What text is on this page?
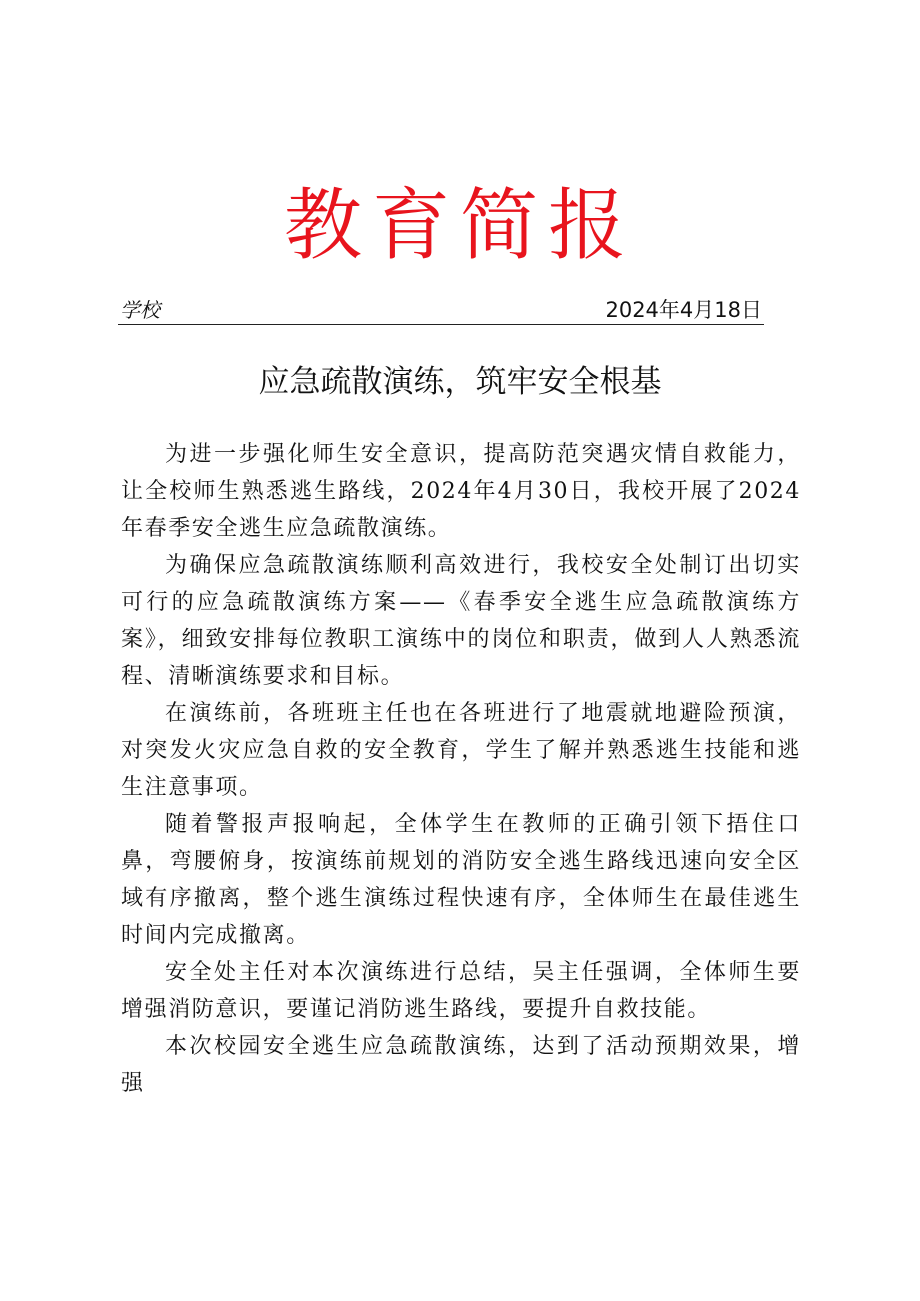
教育简报
学校	2024年4月18日
应急疏散演练，筑牢安全根基

为进一步强化师生安全意识，提高防范突遇灾情自救能力，让全校师生熟悉逃生路线，2024年4月30日，我校开展了2024年春季安全逃生应急疏散演练。

为确保应急疏散演练顺利高效进行，我校安全处制订出切实可行的应急疏散演练方案——《春季安全逃生应急疏散演练方案》，细致安排每位教职工演练中的岗位和职责，做到人人熟悉流程、清晰演练要求和目标。

在演练前，各班班主任也在各班进行了地震就地避险预演，对突发火灾应急自救的安全教育，学生了解并熟悉逃生技能和逃生注意事项。

随着警报声报响起，全体学生在教师的正确引领下捂住口鼻，弯腰俯身，按演练前规划的消防安全逃生路线迅速向安全区域有序撤离，整个逃生演练过程快速有序，全体师生在最佳逃生时间内完成撤离。

安全处主任对本次演练进行总结，吴主任强调，全体师生要增强消防意识，要谨记消防逃生路线，要提升自救技能。

本次校园安全逃生应急疏散演练，达到了活动预期效果，增强
